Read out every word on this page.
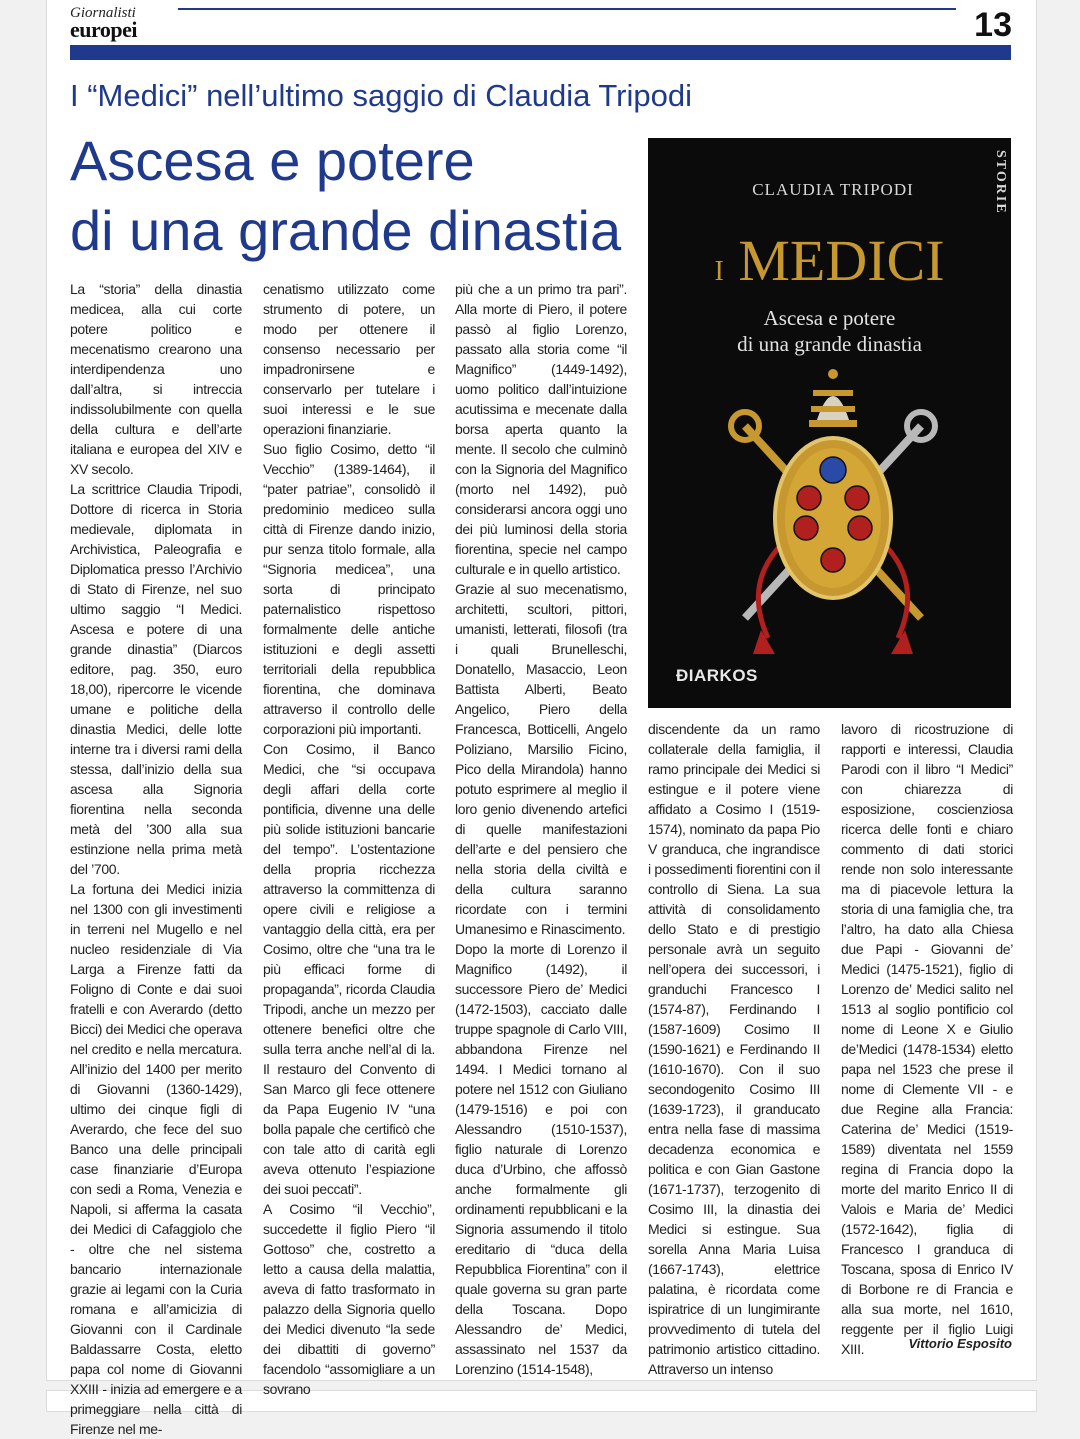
Giornalisti
europei	13
I “Medici” nell’ultimo saggio di Claudia Tripodi
Ascesa e potere
di una grande dinastia

La “storia” della dinastia medicea, alla cui corte potere politico e mecenatismo crearono una interdipendenza uno dall’altra, si intreccia indissolubilmente con quella della cultura e dell’arte italiana e europea del XIV e XV secolo.

La scrittrice Claudia Tripodi, Dottore di ricerca in Storia medievale, diplomata in Archivistica, Paleografia e Diplomatica presso l’Archivio di Stato di Firenze, nel suo ultimo saggio “I Medici. Ascesa e potere di una grande dinastia” (Diarcos editore, pag. 350, euro 18,00), ripercorre le vicende umane e politiche della dinastia Medici, delle lotte interne tra i diversi rami della stessa, dall’inizio della sua ascesa alla Signoria fiorentina nella seconda metà del ’300 alla sua estinzione nella prima metà del ’700.

La fortuna dei Medici inizia nel 1300 con gli investimenti in terreni nel Mugello e nel nucleo residenziale di Via Larga a Firenze fatti da Foligno di Conte e dai suoi fratelli e con Averardo (detto Bicci) dei Medici che operava nel credito e nella mercatura. All’inizio del 1400 per merito di Giovanni (1360-1429), ultimo dei cinque figli di Averardo, che fece del suo Banco una delle principali case finanziarie d’Europa con sedi a Roma, Venezia e Napoli, si afferma la casata dei Medici di Cafaggiolo che - oltre che nel sistema bancario internazionale grazie ai legami con la Curia romana e all’amicizia di Giovanni con il Cardinale Baldassarre Costa, eletto papa col nome di Giovanni XXIII - inizia ad emergere e a primeggiare nella città di Firenze nel me-

cenatismo utilizzato come strumento di potere, un modo per ottenere il consenso necessario per impadronirsene e conservarlo per tutelare i suoi interessi e le sue operazioni finanziarie.

Suo figlio Cosimo, detto “il Vecchio” (1389-1464), il “pater patriae”, consolidò il predominio mediceo sulla città di Firenze dando inizio, pur senza titolo formale, alla “Signoria medicea”, una sorta di principato paternalistico rispettoso formalmente delle antiche istituzioni e degli assetti territoriali della repubblica fiorentina, che dominava attraverso il controllo delle corporazioni più importanti.

Con Cosimo, il Banco Medici, che “si occupava degli affari della corte pontificia, divenne una delle più solide istituzioni bancarie del tempo”. L’ostentazione della propria ricchezza attraverso la committenza di opere civili e religiose a vantaggio della città, era per Cosimo, oltre che “una tra le più efficaci forme di propaganda”, ricorda Claudia Tripodi, anche un mezzo per ottenere benefici oltre che sulla terra anche nell’al di la. Il restauro del Convento di San Marco gli fece ottenere da Papa Eugenio IV “una bolla papale che certificò che con tale atto di carità egli aveva ottenuto l’espiazione dei suoi peccati”.

A Cosimo “il Vecchio”, succedette il figlio Piero “il Gottoso” che, costretto a letto a causa della malattia, aveva di fatto trasformato in palazzo della Signoria quello dei Medici divenuto “la sede dei dibattiti di governo” facendolo “assomigliare a un sovrano

più che a un primo tra pari”. Alla morte di Piero, il potere passò al figlio Lorenzo, passato alla storia come “il Magnifico” (1449-1492), uomo politico dall’intuizione acutissima e mecenate dalla borsa aperta quanto la mente. Il secolo che culminò con la Signoria del Magnifico (morto nel 1492), può considerarsi ancora oggi uno dei più luminosi della storia fiorentina, specie nel campo culturale e in quello artistico.

Grazie al suo mecenatismo, architetti, scultori, pittori, umanisti, letterati, filosofi (tra i quali Brunelleschi, Donatello, Masaccio, Leon Battista Alberti, Beato Angelico, Piero della Francesca, Botticelli, Angelo Poliziano, Marsilio Ficino, Pico della Mirandola) hanno potuto esprimere al meglio il loro genio divenendo artefici di quelle manifestazioni dell’arte e del pensiero che nella storia della civiltà e della cultura saranno ricordate con i termini Umanesimo e Rinascimento.

Dopo la morte di Lorenzo il Magnifico (1492), il successore Piero de’ Medici (1472-1503), cacciato dalle truppe spagnole di Carlo VIII, abbandona Firenze nel 1494. I Medici tornano al potere nel 1512 con Giuliano (1479-1516) e poi con Alessandro (1510-1537), figlio naturale di Lorenzo duca d’Urbino, che affossò anche formalmente gli ordinamenti repubblicani e la Signoria assumendo il titolo ereditario di “duca della Repubblica Fiorentina” con il quale governa su gran parte della Toscana. Dopo Alessandro de’ Medici, assassinato nel 1537 da Lorenzino (1514-1548),

discendente da un ramo collaterale della famiglia, il ramo principale dei Medici si estingue e il potere viene affidato a Cosimo I (1519-1574), nominato da papa Pio V granduca, che ingrandisce i possedimenti fiorentini con il controllo di Siena. La sua attività di consolidamento dello Stato e di prestigio personale avrà un seguito nell’opera dei successori, i granduchi Francesco I (1574-87), Ferdinando I (1587-1609) Cosimo II (1590-1621) e Ferdinando II (1610-1670). Con il suo secondogenito Cosimo III (1639-1723), il granducato entra nella fase di massima decadenza economica e politica e con Gian Gastone (1671-1737), terzogenito di Cosimo III, la dinastia dei Medici si estingue. Sua sorella Anna Maria Luisa (1667-1743), elettrice palatina, è ricordata come ispiratrice di un lungimirante provvedimento di tutela del patrimonio artistico cittadino. Attraverso un intenso

lavoro di ricostruzione di rapporti e interessi, Claudia Parodi con il libro “I Medici” con chiarezza di esposizione, coscienziosa ricerca delle fonti e chiaro commento di dati storici rende non solo interessante ma di piacevole lettura la storia di una famiglia che, tra l’altro, ha dato alla Chiesa due Papi - Giovanni de’ Medici (1475-1521), figlio di Lorenzo de’ Medici salito nel 1513 al soglio pontificio col nome di Leone X e Giulio de’Medici (1478-1534) eletto papa nel 1523 che prese il nome di Clemente VII - e due Regine alla Francia: Caterina de’ Medici (1519-1589) diventata nel 1559 regina di Francia dopo la morte del marito Enrico II di Valois e Maria de’ Medici (1572-1642), figlia di Francesco I granduca di Toscana, sposa di Enrico IV di Borbone re di Francia e alla sua morte, nel 1610, reggente per il figlio Luigi XIII.	Vittorio Esposito
CLAUDIA TRIPODI	STORIE
I MEDICI
Ascesa e potere
di una grande dinastia
ÐIARKOS
